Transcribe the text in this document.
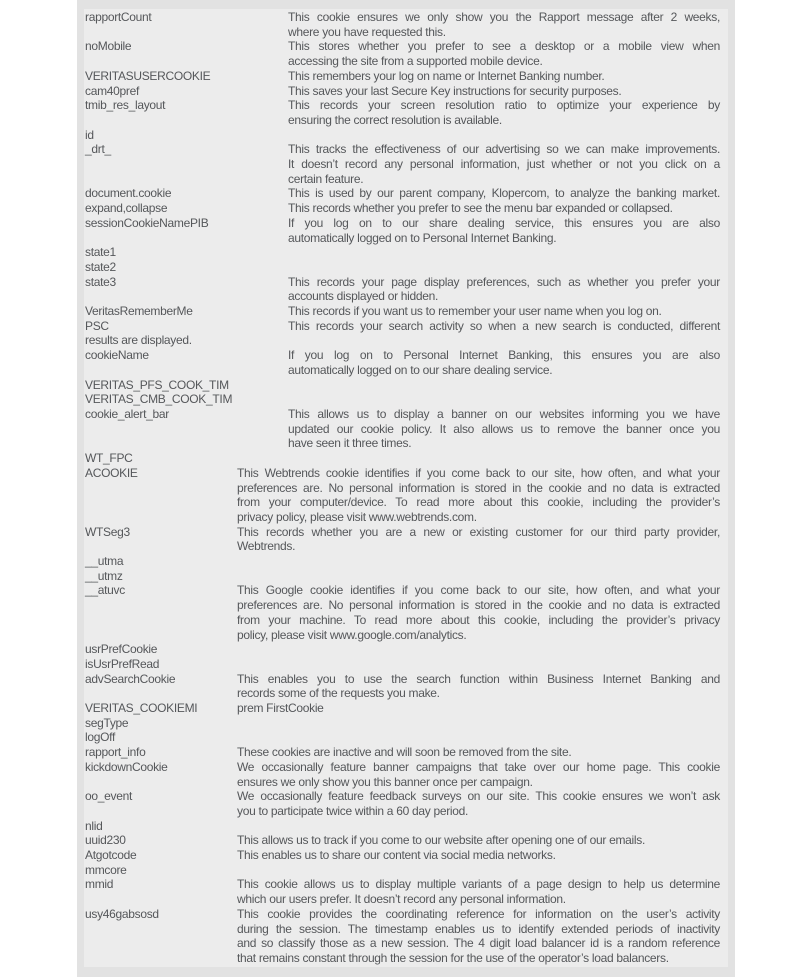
rapportCount	This cookie ensures we only show you the Rapport message after 2 weeks,
where you have requested this.
noMobile	This stores whether you prefer to see a desktop or a mobile view when
accessing the site from a supported mobile device.
VERITASUSERCOOKIE	This remembers your log on name or Internet Banking number.
cam40pref	This saves your last Secure Key instructions for security purposes.
tmib_res_layout	This records your screen resolution ratio to optimize your experience by
ensuring the correct resolution is available.
id
_drt_	This tracks the effectiveness of our advertising so we can make improvements.
It doesn’t record any personal information, just whether or not you click on a
certain feature.
document.cookie	This is used by our parent company, Klopercom, to analyze the banking market.
expand,collapse	This records whether you prefer to see the menu bar expanded or collapsed.
sessionCookieNamePIB	If you log on to our share dealing service, this ensures you are also
automatically logged on to Personal Internet Banking.
state1
state2
state3	This records your page display preferences, such as whether you prefer your
accounts displayed or hidden.
VeritasRememberMe	This records if you want us to remember your user name when you log on.
PSC	This records your search activity so when a new search is conducted, different
results are displayed.
cookieName	If you log on to Personal Internet Banking, this ensures you are also
automatically logged on to our share dealing service.
VERITAS_PFS_COOK_TIM
VERITAS_CMB_COOK_TIM
cookie_alert_bar	This allows us to display a banner on our websites informing you we have
updated our cookie policy. It also allows us to remove the banner once you
have seen it three times.
WT_FPC
ACOOKIE	This Webtrends cookie identifies if you come back to our site, how often, and what your
preferences are. No personal information is stored in the cookie and no data is extracted
from your computer/device. To read more about this cookie, including the provider’s
privacy policy, please visit www.webtrends.com.
WTSeg3	This records whether you are a new or existing customer for our third party provider,
Webtrends.
__utma
__utmz
__atuvc	This Google cookie identifies if you come back to our site, how often, and what your
preferences are. No personal information is stored in the cookie and no data is extracted
from your machine. To read more about this cookie, including the provider’s privacy
policy, please visit www.google.com/analytics.
usrPrefCookie
isUsrPrefRead
advSearchCookie	This enables you to use the search function within Business Internet Banking and
records some of the requests you make.
VERITAS_COOKIEMI	prem FirstCookie
segType
logOff
rapport_info	These cookies are inactive and will soon be removed from the site.
kickdownCookie	We occasionally feature banner campaigns that take over our home page. This cookie
ensures we only show you this banner once per campaign.
oo_event	We occasionally feature feedback surveys on our site. This cookie ensures we won’t ask
you to participate twice within a 60 day period.
nlid
uuid230	This allows us to track if you come to our website after opening one of our emails.
Atgotcode	This enables us to share our content via social media networks.
mmcore
mmid	This cookie allows us to display multiple variants of a page design to help us determine
which our users prefer. It doesn’t record any personal information.
usy46gabsosd	This cookie provides the coordinating reference for information on the user’s activity
during the session. The timestamp enables us to identify extended periods of inactivity
and so classify those as a new session. The 4 digit load balancer id is a random reference
that remains constant through the session for the use of the operator’s load balancers.
